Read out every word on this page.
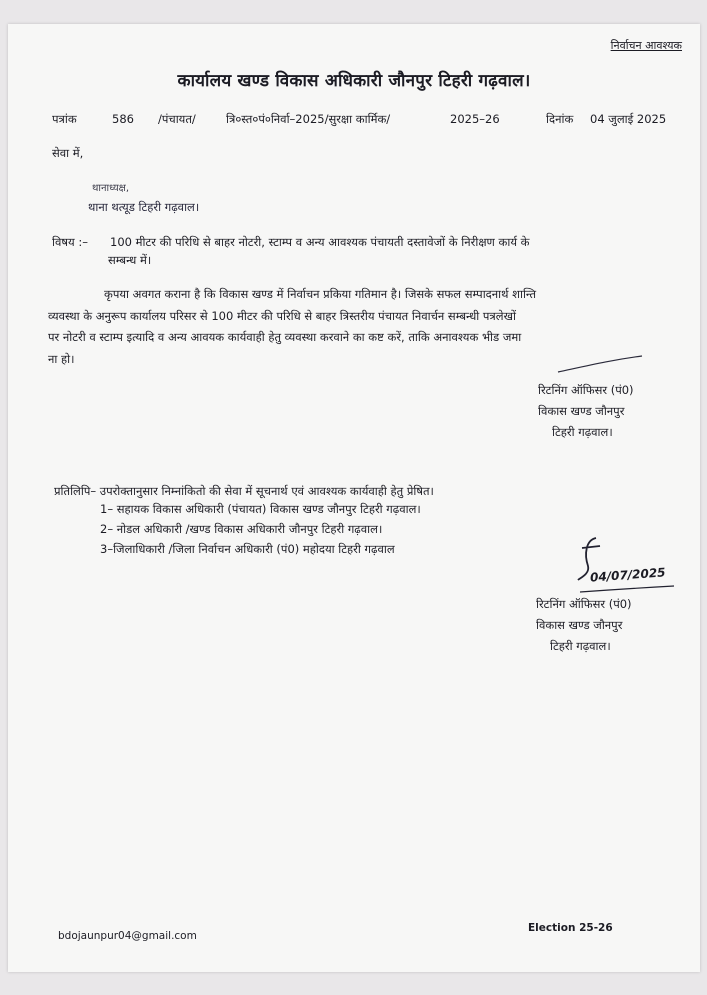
निर्वाचन आवश्यक
कार्यालय खण्ड विकास अधिकारी जौनपुर टिहरी गढ़वाल।
पत्रांक	586 /पंचायत/	त्रि०स्त०पं०निर्वा–2025/सुरक्षा कार्मिक/	2025–26	दिनांक 04 जुलाई 2025
सेवा में,
थानाध्यक्ष,
थाना थत्यूड टिहरी गढ़वाल।
विषय :– 100 मीटर की परिधि से बाहर नोटरी, स्टाम्प व अन्य आवश्यक पंचायती दस्तावेजों के निरीक्षण कार्य के
सम्बन्ध में।
कृपया अवगत कराना है कि विकास खण्ड में निर्वाचन प्रकिया गतिमान है। जिसके सफल सम्पादनार्थ शान्ति
व्यवस्था के अनुरूप कार्यालय परिसर से 100 मीटर की परिधि से बाहर त्रिस्तरीय पंचायत निवार्चन सम्बन्धी पत्रलेखों
पर नोटरी व स्टाम्प इत्यादि व अन्य आवयक कार्यवाही हेतु व्यवस्था करवाने का कष्ट करें, ताकि अनावश्यक भीड जमा
ना हो।
रिटनिंग ऑफिसर (पं0)
विकास खण्ड जौनपुर
टिहरी गढ़वाल।
प्रतिलिपि– उपरोक्तानुसार निम्नांकितो की सेवा में सूचनार्थ एवं आवश्यक कार्यवाही हेतु प्रेषित।
1– सहायक विकास अधिकारी (पंचायत) विकास खण्ड जौनपुर टिहरी गढ़वाल।
2– नोडल अधिकारी /खण्ड विकास अधिकारी जौनपुर टिहरी गढ़वाल।
3–जिलाधिकारी /जिला निर्वाचन अधिकारी (पं0) महोदया टिहरी गढ़वाल
04/07/2025
रिटनिंग ऑफिसर (पं0)
विकास खण्ड जौनपुर
टिहरी गढ़वाल।
bdojaunpur04@gmail.com
Election 25-26
